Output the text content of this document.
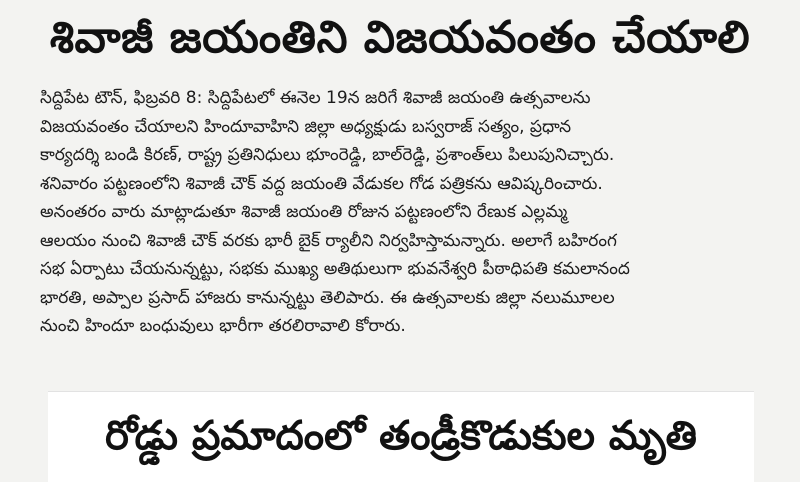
శివాజీ జయంతిని విజయవంతం చేయాలి
సిద్దిపేట టౌన్, ఫిబ్రవరి 8: సిద్దిపేటలో ఈనెల 19న జరిగే శివాజీ జయంతి ఉత్సవాలను
విజయవంతం చేయాలని హిందూవాహిని జిల్లా అధ్యక్షుడు బస్వరాజ్ సత్యం, ప్రధాన
కార్యదర్శి బండి కిరణ్, రాష్ట్ర ప్రతినిధులు భూంరెడ్డి, బాల్‌రెడ్డి, ప్రశాంత్‌లు పిలుపునిచ్చారు.
శనివారం పట్టణంలోని శివాజీ చౌక్ వద్ద జయంతి వేడుకల గోడ పత్రికను ఆవిష్కరించారు.
అనంతరం వారు మాట్లాడుతూ శివాజీ జయంతి రోజున పట్టణంలోని రేణుక ఎల్లమ్మ
ఆలయం నుంచి శివాజీ చౌక్ వరకు భారీ బైక్ ర్యాలీని నిర్వహిస్తామన్నారు. అలాగే బహిరంగ
సభ ఏర్పాటు చేయనున్నట్టు, సభకు ముఖ్య అతిథులుగా భువనేశ్వరి పీఠాధిపతి కమలానంద
భారతి, అప్పాల ప్రసాద్ హాజరు కానున్నట్టు తెలిపారు. ఈ ఉత్సవాలకు జిల్లా నలుమూలల
నుంచి హిందూ బంధువులు భారీగా తరలిరావాలి కోరారు.
రోడ్డు ప్రమాదంలో తండ్రీకొడుకుల మృతి
